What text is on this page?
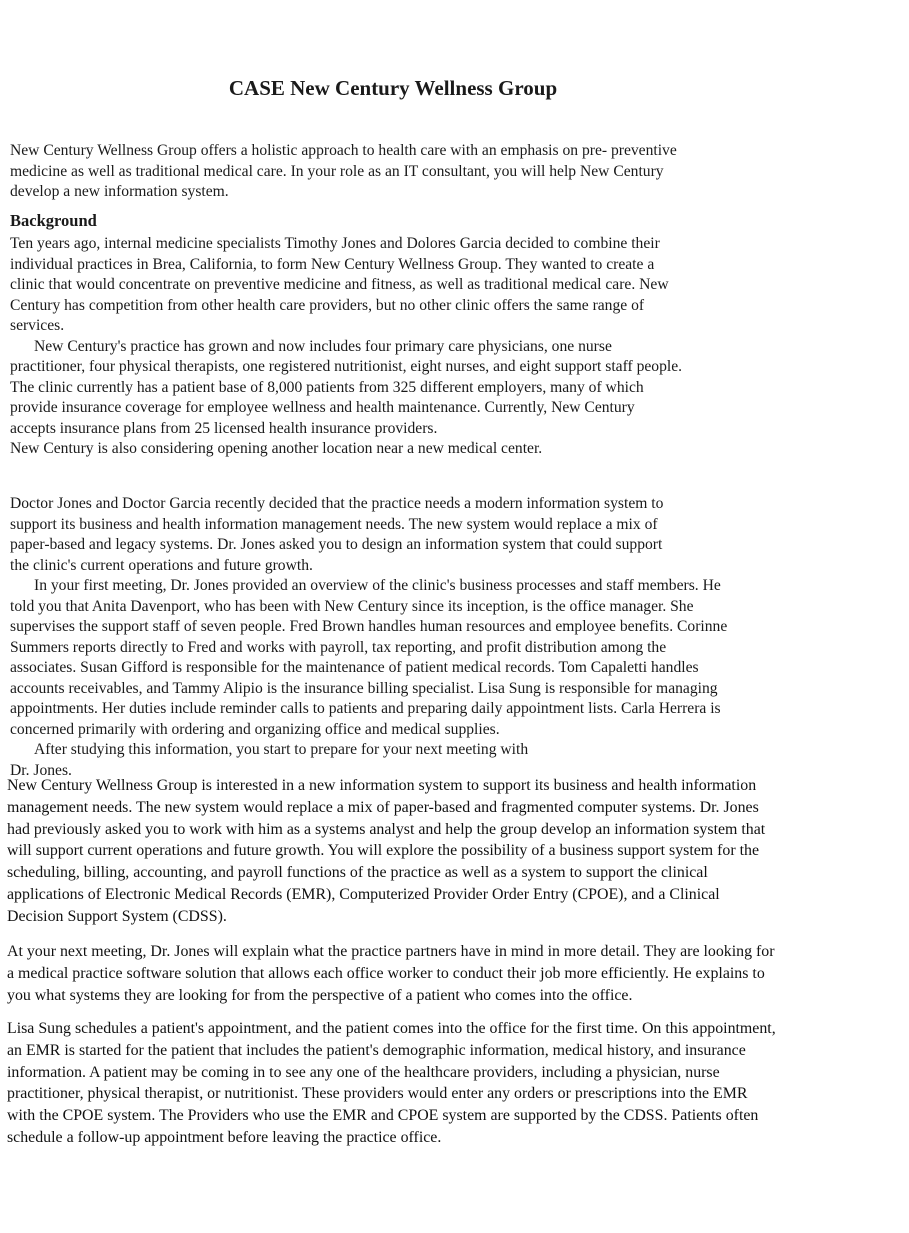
CASE New Century Wellness Group
New Century Wellness Group offers a holistic approach to health care with an emphasis on pre- preventive
medicine as well as traditional medical care. In your role as an IT consultant, you will help New Century
develop a new information system.
Background
Ten years ago, internal medicine specialists Timothy Jones and Dolores Garcia decided to combine their
individual practices in Brea, California, to form New Century Wellness Group. They wanted to create a
clinic that would concentrate on preventive medicine and fitness, as well as traditional medical care. New
Century has competition from other health care providers, but no other clinic offers the same range of
services.
New Century's practice has grown and now includes four primary care physicians, one nurse
practitioner, four physical therapists, one registered nutritionist, eight nurses, and eight support staff people.
The clinic currently has a patient base of 8,000 patients from 325 different employers, many of which
provide insurance coverage for employee wellness and health maintenance. Currently, New Century
accepts insurance plans from 25 licensed health insurance providers.
New Century is also considering opening another location near a new medical center.
Doctor Jones and Doctor Garcia recently decided that the practice needs a modern information system to
support its business and health information management needs. The new system would replace a mix of
paper-based and legacy systems. Dr. Jones asked you to design an information system that could support
the clinic's current operations and future growth.
In your first meeting, Dr. Jones provided an overview of the clinic's business processes and staff members. He
told you that Anita Davenport, who has been with New Century since its inception, is the office manager. She
supervises the support staff of seven people. Fred Brown handles human resources and employee benefits. Corinne
Summers reports directly to Fred and works with payroll, tax reporting, and profit distribution among the
associates. Susan Gifford is responsible for the maintenance of patient medical records. Tom Capaletti handles
accounts receivables, and Tammy Alipio is the insurance billing specialist. Lisa Sung is responsible for managing
appointments. Her duties include reminder calls to patients and preparing daily appointment lists. Carla Herrera is
concerned primarily with ordering and organizing office and medical supplies.
After studying this information, you start to prepare for your next meeting with
Dr. Jones.
New Century Wellness Group is interested in a new information system to support its business and health information
management needs. The new system would replace a mix of paper-based and fragmented computer systems. Dr. Jones
had previously asked you to work with him as a systems analyst and help the group develop an information system that
will support current operations and future growth. You will explore the possibility of a business support system for the
scheduling, billing, accounting, and payroll functions of the practice as well as a system to support the clinical
applications of Electronic Medical Records (EMR), Computerized Provider Order Entry (CPOE), and a Clinical
Decision Support System (CDSS).
At your next meeting, Dr. Jones will explain what the practice partners have in mind in more detail. They are looking for
a medical practice software solution that allows each office worker to conduct their job more efficiently. He explains to
you what systems they are looking for from the perspective of a patient who comes into the office.
Lisa Sung schedules a patient's appointment, and the patient comes into the office for the first time. On this appointment,
an EMR is started for the patient that includes the patient's demographic information, medical history, and insurance
information. A patient may be coming in to see any one of the healthcare providers, including a physician, nurse
practitioner, physical therapist, or nutritionist. These providers would enter any orders or prescriptions into the EMR
with the CPOE system. The Providers who use the EMR and CPOE system are supported by the CDSS. Patients often
schedule a follow-up appointment before leaving the practice office.
